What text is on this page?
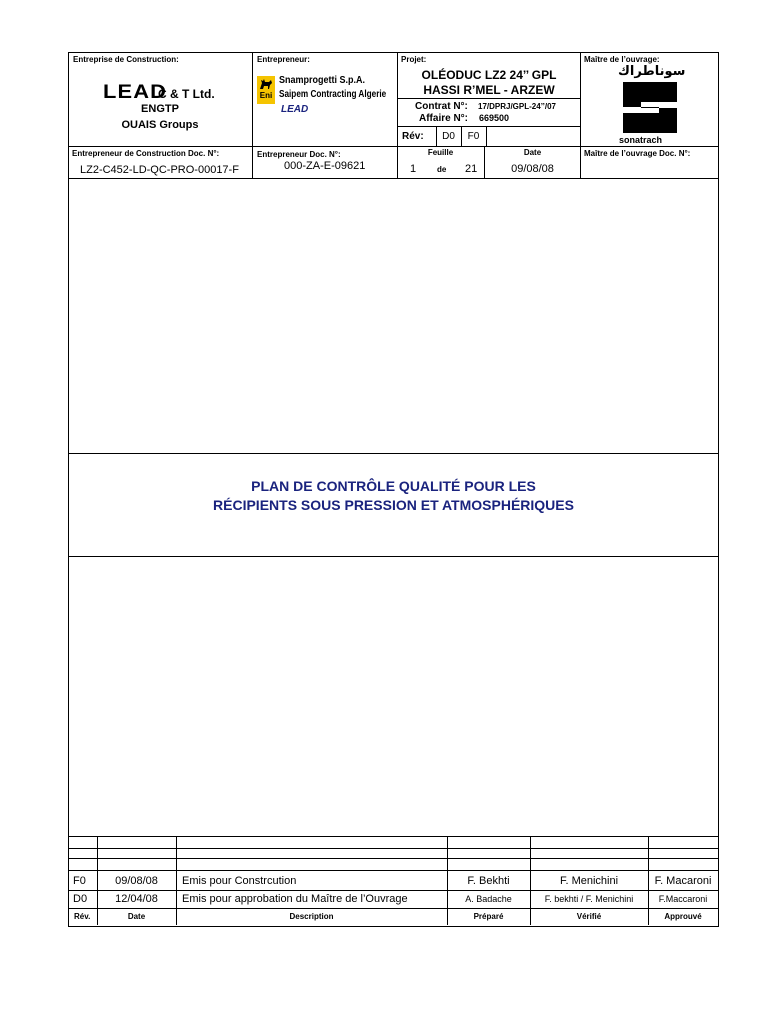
Entreprise de Construction:
LEAD
C & T Ltd.
ENGTP
OUAIS Groups
Entrepreneur:
Eni
Snamprogetti S.p.A.
Saipem Contracting Algerie
LEAD
Projet:
OLÉODUC LZ2 24’’ GPL
HASSI R’MEL - ARZEW
Contrat N°: 17/DPRJ/GPL-24’’/07
Affaire N°: 669500
Rév:	D0	F0
Maître de l’ouvrage:
سوناطراك
sonatrach
Entrepreneur de Construction Doc. N°:
LZ2-C452-LD-QC-PRO-00017-F
Entrepreneur Doc. N°:
000-ZA-E-09621
Feuille
1	de 21
Date
09/08/08
Maître de l’ouvrage Doc. N°:
PLAN DE CONTRÔLE QUALITÉ POUR LES
RÉCIPIENTS SOUS PRESSION ET ATMOSPHÉRIQUES
F0	09/08/08	Emis pour Constrcution	F. Bekhti	F. Menichini	F. Macaroni
D0	12/04/08	Emis pour approbation du Maître de l’Ouvrage	A. Badache	F. bekhti / F. Menichini	F.Maccaroni
Rév.	Date	Description	Préparé	Vérifié	Approuvé
